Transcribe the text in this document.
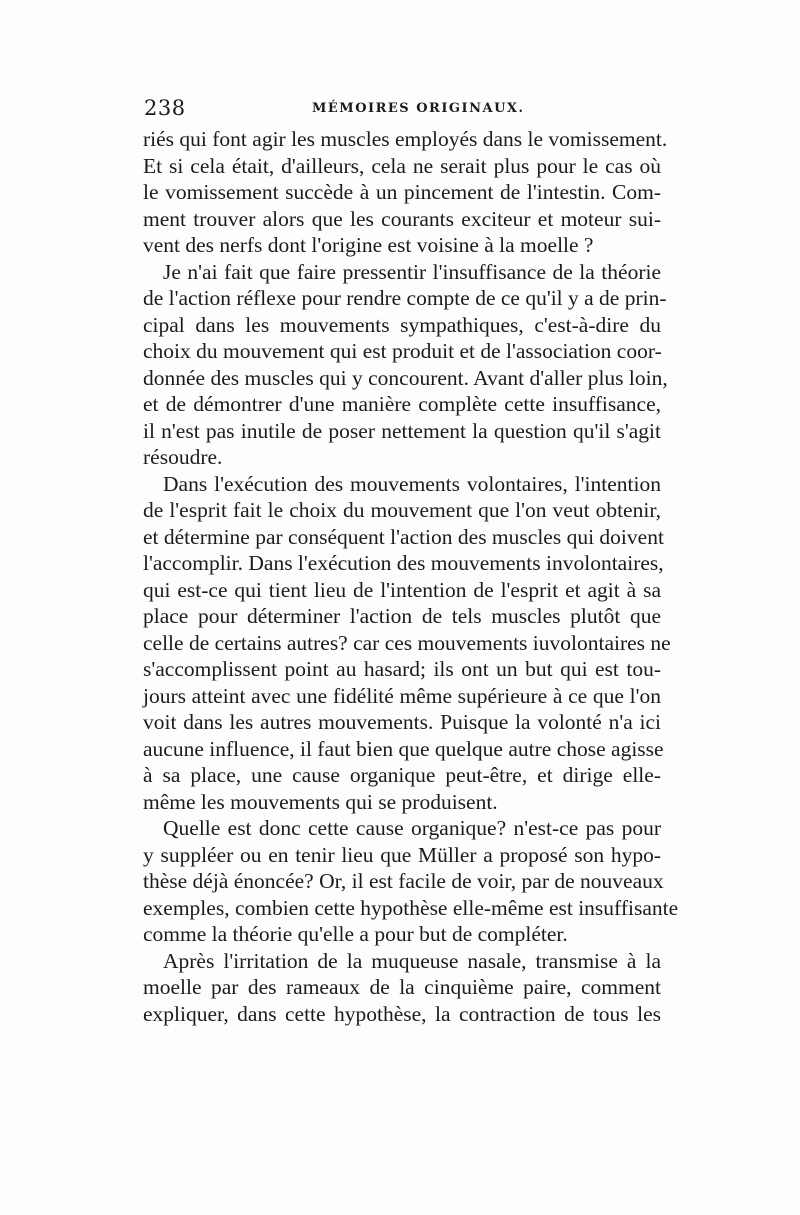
238	MÉMOIRES ORIGINAUX.
riés qui font agir les muscles employés dans le vomissement.
Et si cela était, d'ailleurs, cela ne serait plus pour le cas où
le vomissement succède à un pincement de l'intestin. Com-
ment trouver alors que les courants exciteur et moteur sui-
vent des nerfs dont l'origine est voisine à la moelle ?
Je n'ai fait que faire pressentir l'insuffisance de la théorie
de l'action réflexe pour rendre compte de ce qu'il y a de prin-
cipal dans les mouvements sympathiques, c'est-à-dire du
choix du mouvement qui est produit et de l'association coor-
donnée des muscles qui y concourent. Avant d'aller plus loin,
et de démontrer d'une manière complète cette insuffisance,
il n'est pas inutile de poser nettement la question qu'il s'agit
résoudre.
Dans l'exécution des mouvements volontaires, l'intention
de l'esprit fait le choix du mouvement que l'on veut obtenir,
et détermine par conséquent l'action des muscles qui doivent
l'accomplir. Dans l'exécution des mouvements involontaires,
qui est-ce qui tient lieu de l'intention de l'esprit et agit à sa
place pour déterminer l'action de tels muscles plutôt que
celle de certains autres? car ces mouvements iuvolontaires ne
s'accomplissent point au hasard; ils ont un but qui est tou-
jours atteint avec une fidélité même supérieure à ce que l'on
voit dans les autres mouvements. Puisque la volonté n'a ici
aucune influence, il faut bien que quelque autre chose agisse
à sa place, une cause organique peut-être, et dirige elle-
même les mouvements qui se produisent.
Quelle est donc cette cause organique? n'est-ce pas pour
y suppléer ou en tenir lieu que Müller a proposé son hypo-
thèse déjà énoncée? Or, il est facile de voir, par de nouveaux
exemples, combien cette hypothèse elle-même est insuffisante
comme la théorie qu'elle a pour but de compléter.
Après l'irritation de la muqueuse nasale, transmise à la
moelle par des rameaux de la cinquième paire, comment
expliquer, dans cette hypothèse, la contraction de tous les
